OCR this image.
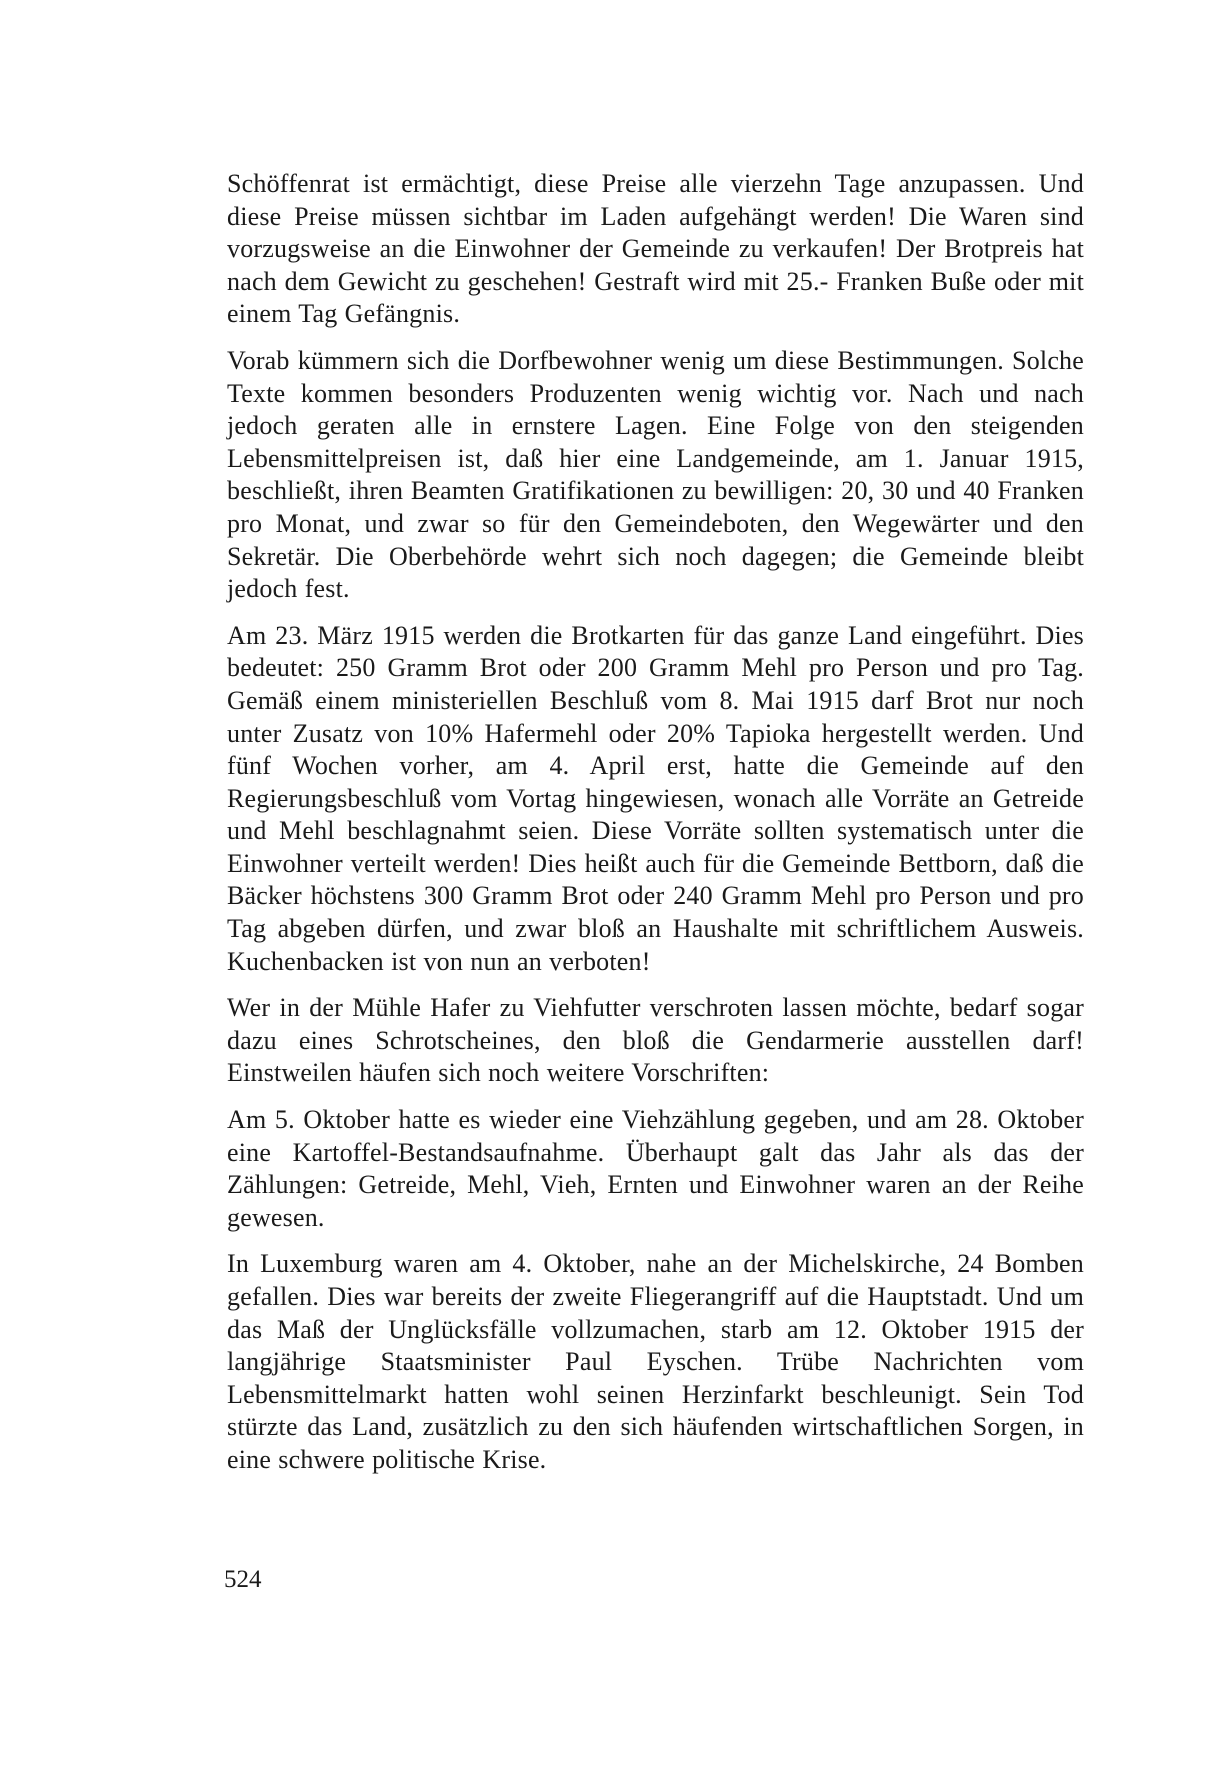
Schöffenrat ist ermächtigt, diese Preise alle vierzehn Tage anzupassen. Und diese Preise müssen sichtbar im Laden aufgehängt werden! Die Waren sind vorzugsweise an die Einwohner der Gemeinde zu verkaufen! Der Brotpreis hat nach dem Gewicht zu geschehen! Gestraft wird mit 25.- Franken Buße oder mit einem Tag Gefängnis.

Vorab kümmern sich die Dorfbewohner wenig um diese Bestimmungen. Solche Texte kommen besonders Produzenten wenig wichtig vor. Nach und nach jedoch geraten alle in ernstere Lagen. Eine Folge von den steigenden Lebensmittelpreisen ist, daß hier eine Landgemeinde, am 1. Januar 1915, beschließt, ihren Beamten Gratifikationen zu bewilligen: 20, 30 und 40 Franken pro Monat, und zwar so für den Gemeindeboten, den Wegewärter und den Sekretär. Die Oberbehörde wehrt sich noch dagegen; die Gemeinde bleibt jedoch fest.

Am 23. März 1915 werden die Brotkarten für das ganze Land eingeführt. Dies bedeutet: 250 Gramm Brot oder 200 Gramm Mehl pro Person und pro Tag. Gemäß einem ministeriellen Beschluß vom 8. Mai 1915 darf Brot nur noch unter Zusatz von 10% Hafermehl oder 20% Tapioka hergestellt werden. Und fünf Wochen vorher, am 4. April erst, hatte die Gemeinde auf den Regierungsbeschluß vom Vortag hingewiesen, wonach alle Vorräte an Getreide und Mehl beschlagnahmt seien. Diese Vorräte sollten systematisch unter die Einwohner verteilt werden! Dies heißt auch für die Gemeinde Bettborn, daß die Bäcker höchstens 300 Gramm Brot oder 240 Gramm Mehl pro Person und pro Tag abgeben dürfen, und zwar bloß an Haushalte mit schriftlichem Ausweis. Kuchenbacken ist von nun an verboten!

Wer in der Mühle Hafer zu Viehfutter verschroten lassen möchte, bedarf sogar dazu eines Schrotscheines, den bloß die Gendarmerie ausstellen darf! Einstweilen häufen sich noch weitere Vorschriften:

Am 5. Oktober hatte es wieder eine Viehzählung gegeben, und am 28. Oktober eine Kartoffel-Bestandsaufnahme. Überhaupt galt das Jahr als das der Zählungen: Getreide, Mehl, Vieh, Ernten und Einwohner waren an der Reihe gewesen.

In Luxemburg waren am 4. Oktober, nahe an der Michelskirche, 24 Bomben gefallen. Dies war bereits der zweite Fliegerangriff auf die Hauptstadt. Und um das Maß der Unglücksfälle vollzumachen, starb am 12. Oktober 1915 der langjährige Staatsminister Paul Eyschen. Trübe Nachrichten vom Lebensmittelmarkt hatten wohl seinen Herzinfarkt beschleunigt. Sein Tod stürzte das Land, zusätzlich zu den sich häufenden wirtschaftlichen Sorgen, in eine schwere politische Krise.

524
